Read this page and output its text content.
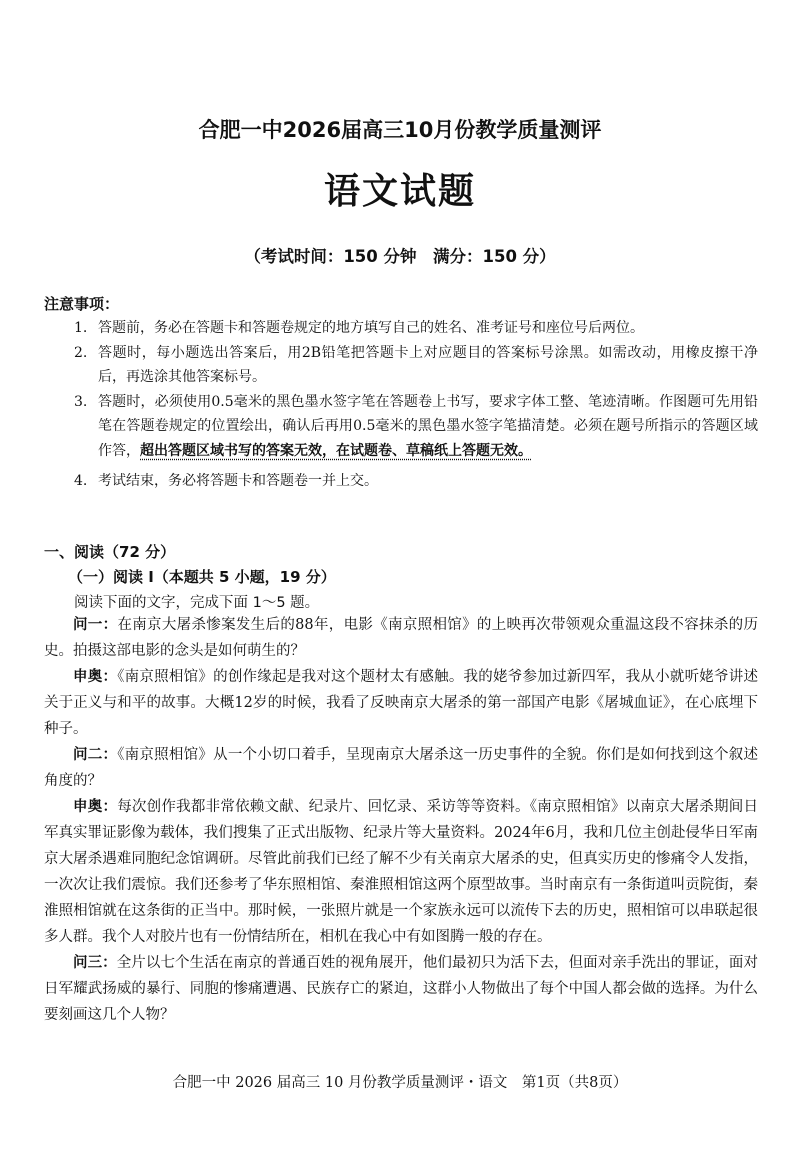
合肥一中2026届高三10月份教学质量测评
语文试题
（考试时间：150 分钟　满分：150 分）
注意事项：
1. 答题前，务必在答题卡和答题卷规定的地方填写自己的姓名、准考证号和座位号后两位。
2. 答题时，每小题选出答案后，用2B铅笔把答题卡上对应题目的答案标号涂黑。如需改动，用橡皮擦干净后，再选涂其他答案标号。
3. 答题时，必须使用0.5毫米的黑色墨水签字笔在答题卷上书写，要求字体工整、笔迹清晰。作图题可先用铅笔在答题卷规定的位置绘出，确认后再用0.5毫米的黑色墨水签字笔描清楚。必须在题号所指示的答题区域作答，超出答题区域书写的答案无效，在试题卷、草稿纸上答题无效。
4. 考试结束，务必将答题卡和答题卷一并上交。
一、阅读（72 分）
（一）阅读 I（本题共 5 小题，19 分）
阅读下面的文字，完成下面 1～5 题。

问一：在南京大屠杀惨案发生后的88年，电影《南京照相馆》的上映再次带领观众重温这段不容抹杀的历史。拍摄这部电影的念头是如何萌生的？

申奥：《南京照相馆》的创作缘起是我对这个题材太有感触。我的姥爷参加过新四军，我从小就听姥爷讲述关于正义与和平的故事。大概12岁的时候，我看了反映南京大屠杀的第一部国产电影《屠城血证》，在心底埋下种子。

问二：《南京照相馆》从一个小切口着手，呈现南京大屠杀这一历史事件的全貌。你们是如何找到这个叙述角度的？

申奥：每次创作我都非常依赖文献、纪录片、回忆录、采访等等资料。《南京照相馆》以南京大屠杀期间日军真实罪证影像为载体，我们搜集了正式出版物、纪录片等大量资料。2024年6月，我和几位主创赴侵华日军南京大屠杀遇难同胞纪念馆调研。尽管此前我们已经了解不少有关南京大屠杀的史，但真实历史的惨痛令人发指，一次次让我们震惊。我们还参考了华东照相馆、秦淮照相馆这两个原型故事。当时南京有一条街道叫贡院街，秦淮照相馆就在这条街的正当中。那时候，一张照片就是一个家族永远可以流传下去的历史，照相馆可以串联起很多人群。我个人对胶片也有一份情结所在，相机在我心中有如图腾一般的存在。

问三：全片以七个生活在南京的普通百姓的视角展开，他们最初只为活下去，但面对亲手洗出的罪证，面对日军耀武扬威的暴行、同胞的惨痛遭遇、民族存亡的紧迫，这群小人物做出了每个中国人都会做的选择。为什么要刻画这几个人物？

合肥一中 2026 届高三 10 月份教学质量测评・语文　第1页（共8页）
